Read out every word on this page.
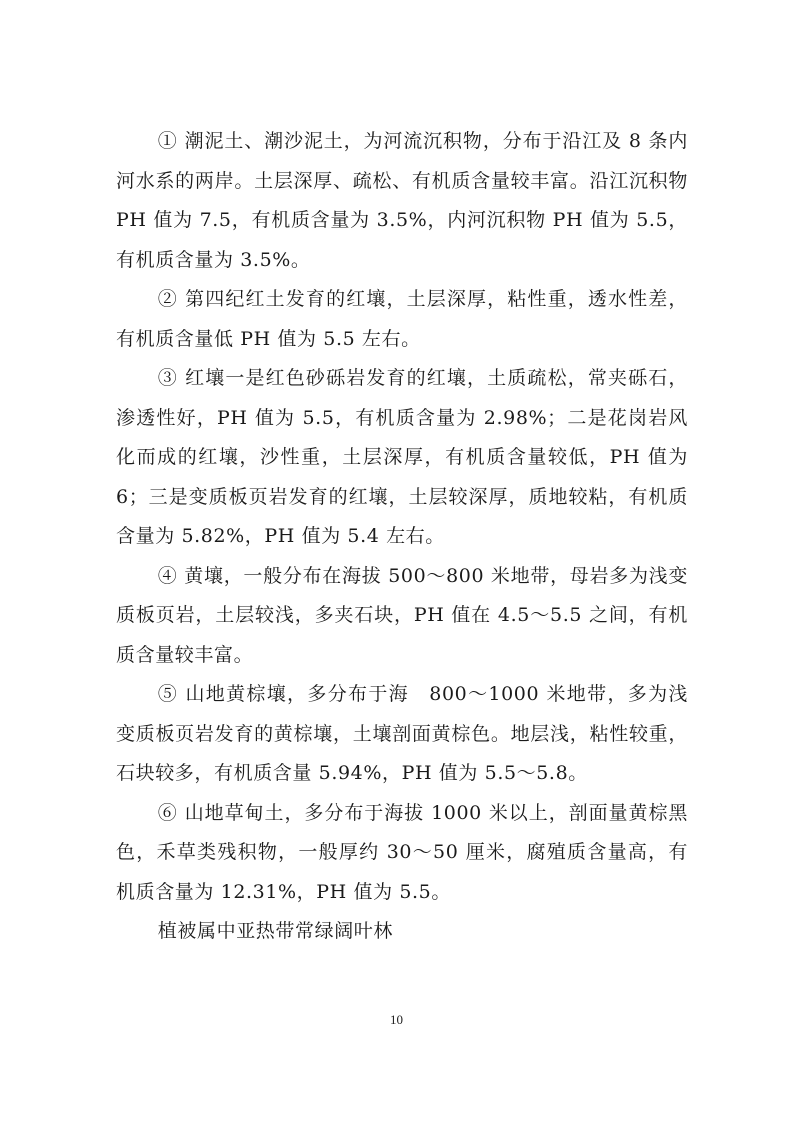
① 潮泥土、潮沙泥土，为河流沉积物，分布于沿江及 8 条内河水系的两岸。土层深厚、疏松、有机质含量较丰富。沿江沉积物 PH 值为 7.5，有机质含量为 3.5%，内河沉积物 PH 值为 5.5，有机质含量为 3.5%。

② 第四纪红土发育的红壤，土层深厚，粘性重，透水性差，有机质含量低 PH 值为 5.5 左右。

③ 红壤一是红色砂砾岩发育的红壤，土质疏松，常夹砾石，渗透性好，PH 值为 5.5，有机质含量为 2.98%；二是花岗岩风化而成的红壤，沙性重，土层深厚，有机质含量较低，PH 值为 6；三是变质板页岩发育的红壤，土层较深厚，质地较粘，有机质含量为 5.82%，PH 值为 5.4 左右。

④ 黄壤，一般分布在海拔 500～800 米地带，母岩多为浅变质板页岩，土层较浅，多夹石块，PH 值在 4.5～5.5 之间，有机质含量较丰富。

⑤ 山地黄棕壤，多分布于海　800～1000 米地带，多为浅变质板页岩发育的黄棕壤，土壤剖面黄棕色。地层浅，粘性较重，石块较多，有机质含量 5.94%，PH 值为 5.5～5.8。

⑥ 山地草甸土，多分布于海拔 1000 米以上，剖面量黄棕黑色，禾草类残积物，一般厚约 30～50 厘米，腐殖质含量高，有机质含量为 12.31%，PH 值为 5.5。

植被属中亚热带常绿阔叶林

10
